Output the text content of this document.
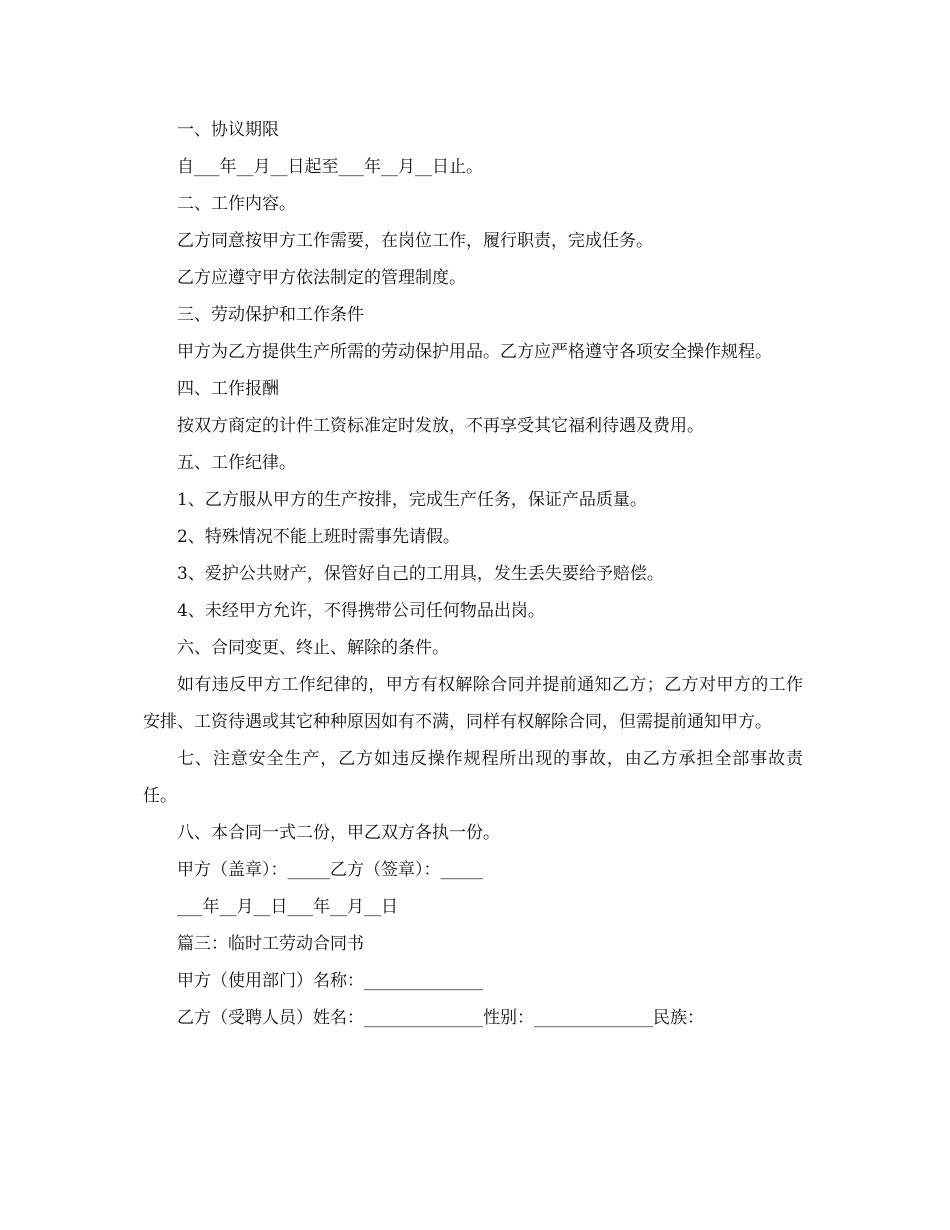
一、协议期限

自___年__月__日起至___年__月__日止。

二、工作内容。

乙方同意按甲方工作需要，在岗位工作，履行职责，完成任务。

乙方应遵守甲方依法制定的管理制度。

三、劳动保护和工作条件

甲方为乙方提供生产所需的劳动保护用品。乙方应严格遵守各项安全操作规程。

四、工作报酬

按双方商定的计件工资标准定时发放，不再享受其它福利待遇及费用。

五、工作纪律。

1、乙方服从甲方的生产按排，完成生产任务，保证产品质量。

2、特殊情况不能上班时需事先请假。

3、爱护公共财产，保管好自己的工用具，发生丢失要给予赔偿。

4、未经甲方允许，不得携带公司任何物品出岗。

六、合同变更、终止、解除的条件。

如有违反甲方工作纪律的，甲方有权解除合同并提前通知乙方；乙方对甲方的工作安排、工资待遇或其它种种原因如有不满，同样有权解除合同，但需提前通知甲方。

七、注意安全生产，乙方如违反操作规程所出现的事故，由乙方承担全部事故责任。

八、本合同一式二份，甲乙双方各执一份。

甲方（盖章）：_____乙方（签章）：_____

___年__月__日___年__月__日

篇三：临时工劳动合同书

甲方（使用部门）名称：______________

乙方（受聘人员）姓名：______________性别：______________民族：
